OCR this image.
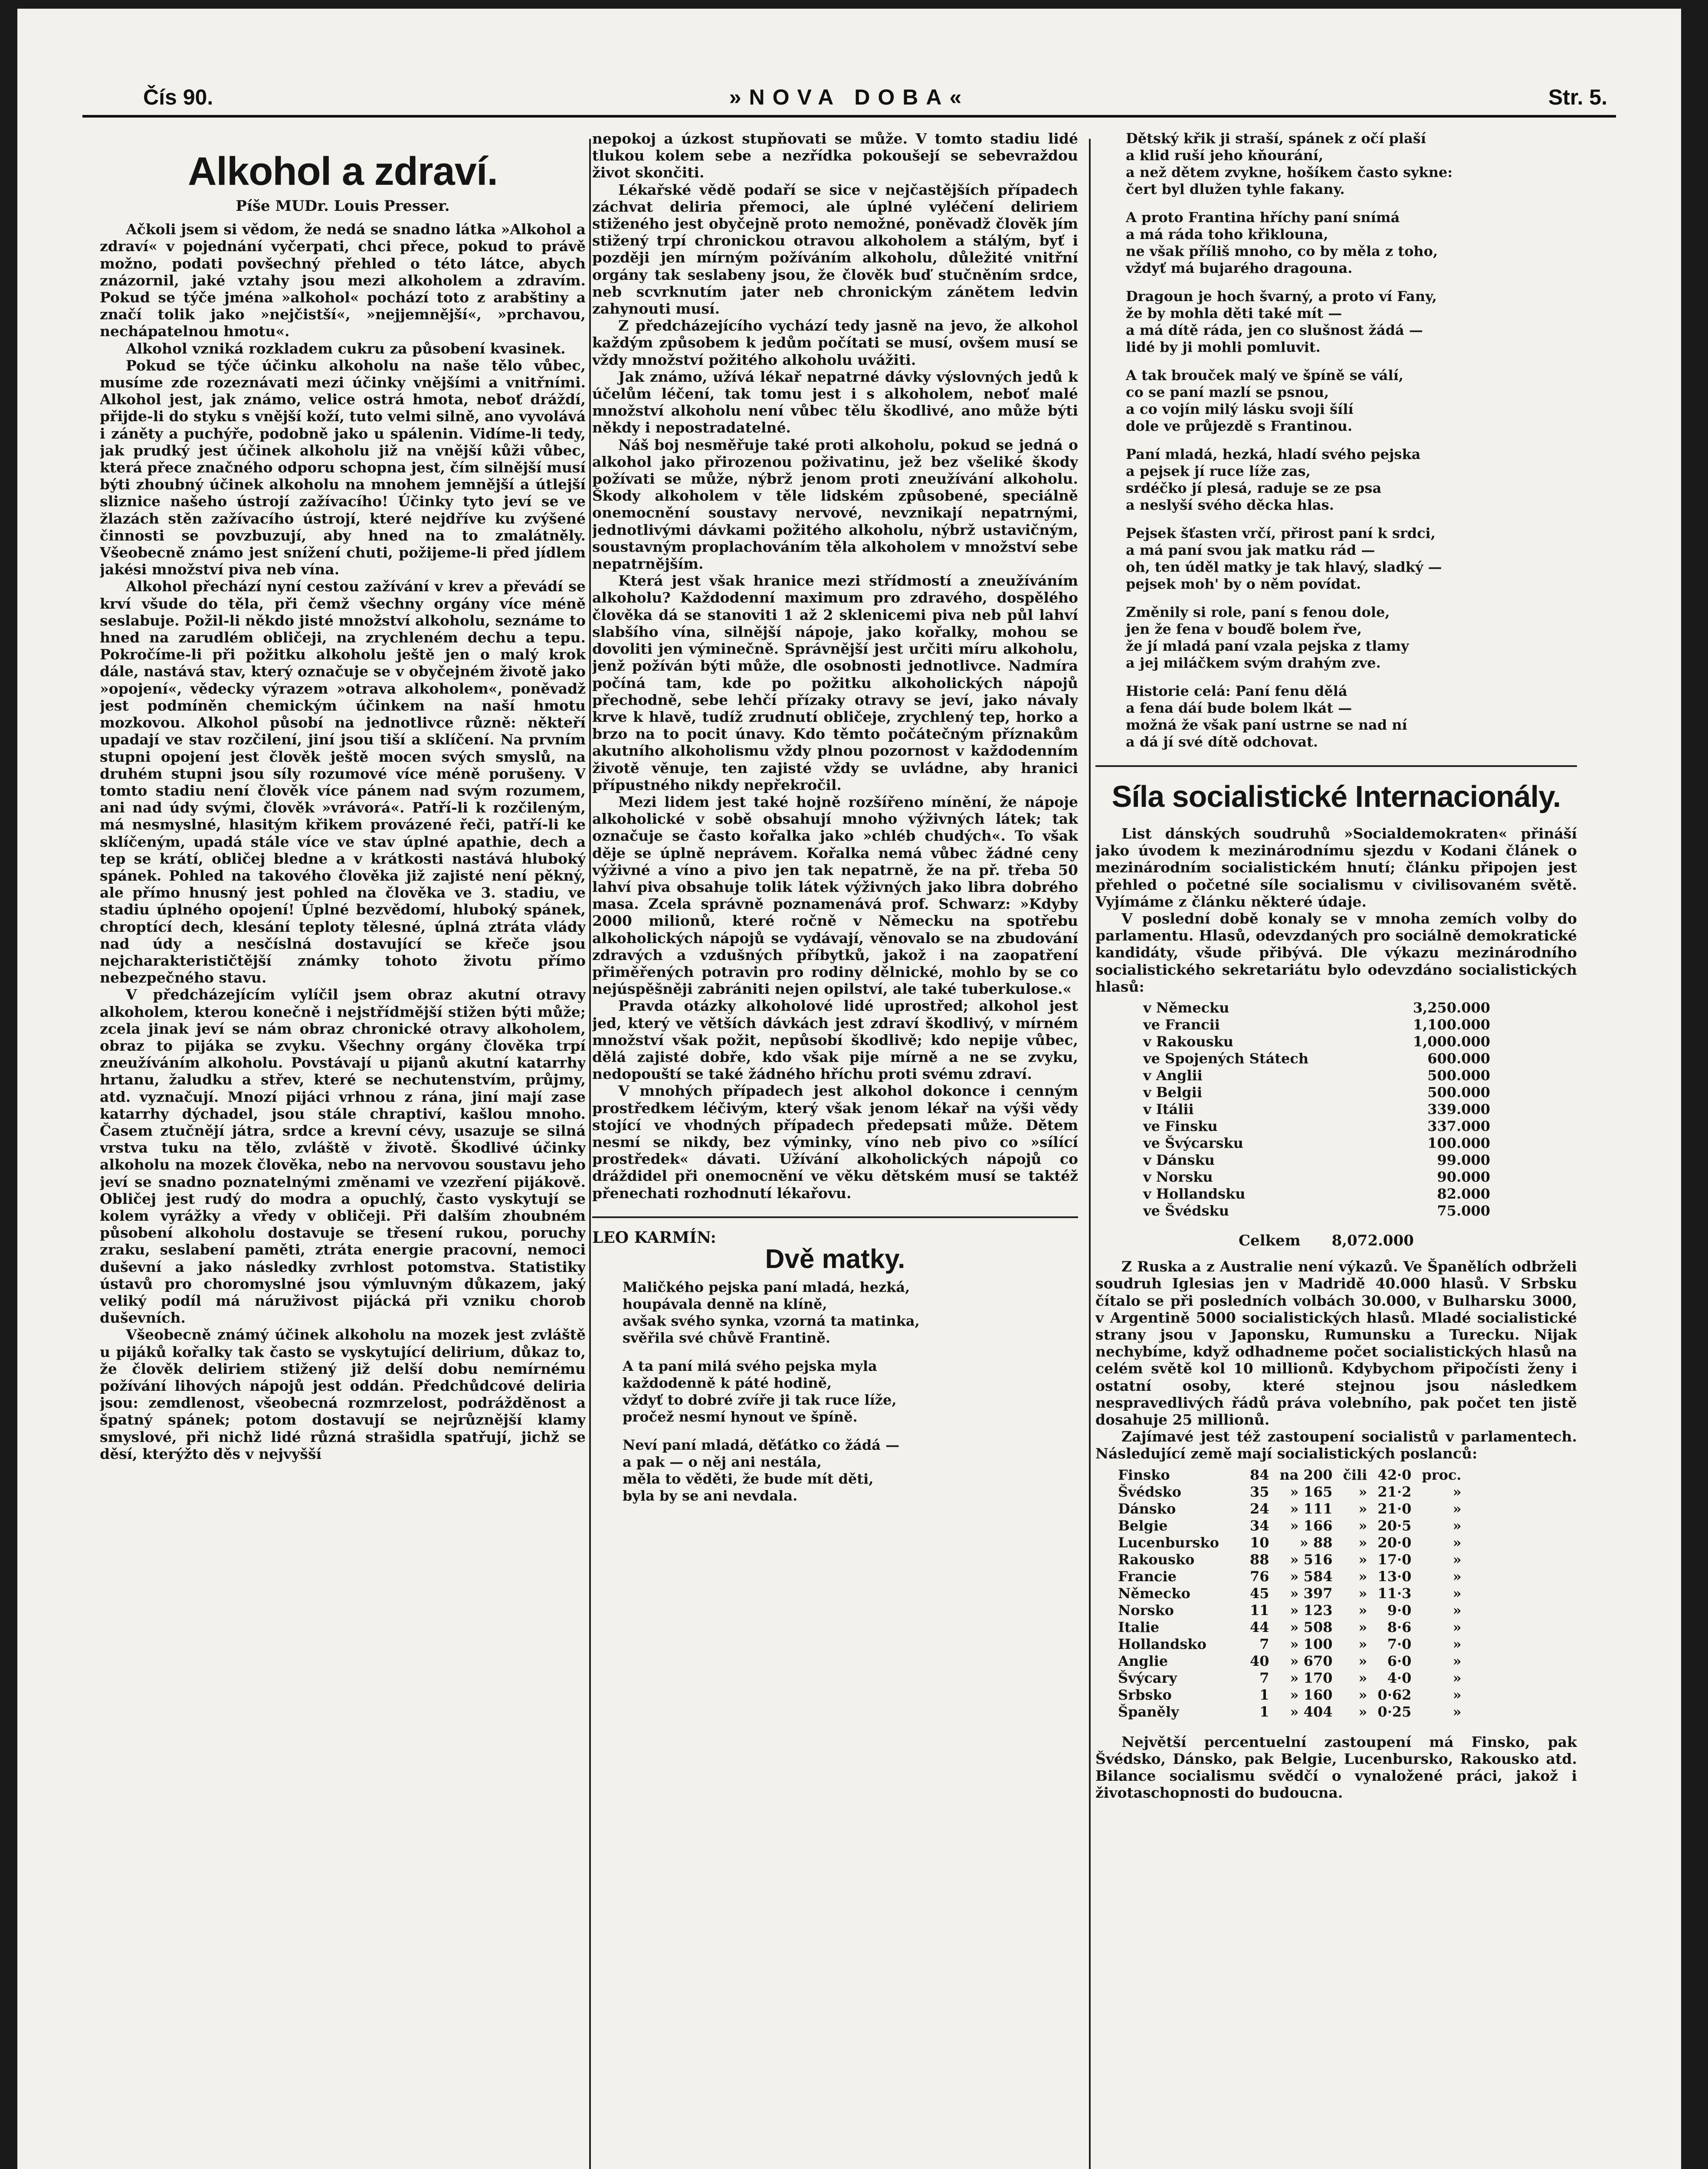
Čís 90.	»NOVA DOBA«	Str. 5.
Alkohol a zdraví.
Píše MUDr. Louis Presser.

Ačkoli jsem si vědom, že nedá se snadno látka »Alkohol a zdraví« v pojednání vyčerpati, chci přece, pokud to právě možno, podati povšechný přehled o této látce, abych znázornil, jaké vztahy jsou mezi alkoholem a zdravím. Pokud se týče jména »alkohol« pochází toto z arabštiny a značí tolik jako »nejčistší«, »nejjemnější«, »prchavou, nechápatelnou hmotu«.

Alkohol vzniká rozkladem cukru za působení kvasinek.

Pokud se týče účinku alkoholu na naše tělo vůbec, musíme zde rozeznávati mezi účinky vnějšími a vnitřními. Alkohol jest, jak známo, velice ostrá hmota, neboť dráždí, přijde-li do styku s vnější koží, tuto velmi silně, ano vyvolává i záněty a puchýře, podobně jako u spálenin. Vidíme-li tedy, jak prudký jest účinek alkoholu již na vnější kůži vůbec, která přece značného odporu schopna jest, čím silnější musí býti zhoubný účinek alkoholu na mnohem jemnější a útlejší sliznice našeho ústrojí zažívacího! Účinky tyto jeví se ve žlazách stěn zažívacího ústrojí, které nejdříve ku zvýšené činnosti se povzbuzují, aby hned na to zmalátněly. Všeobecně známo jest snížení chuti, požijeme-li před jídlem jakési množství piva neb vína.

Alkohol přechází nyní cestou zažívání v krev a převádí se krví všude do těla, při čemž všechny orgány více méně seslabuje. Požil-li někdo jisté množství alkoholu, seznáme to hned na zarudlém obličeji, na zrychleném dechu a tepu. Pokročíme-li při požitku alkoholu ještě jen o malý krok dále, nastává stav, který označuje se v obyčejném životě jako »opojení«, vědecky výrazem »otrava alkoholem«, poněvadž jest podmíněn chemickým účinkem na naší hmotu mozkovou. Alkohol působí na jednotlivce různě: někteří upadají ve stav rozčilení, jiní jsou tiší a sklíčení. Na prvním stupni opojení jest člověk ještě mocen svých smyslů, na druhém stupni jsou síly rozumové více méně porušeny. V tomto stadiu není člověk více pánem nad svým rozumem, ani nad údy svými, člověk »vrávorá«. Patří-li k rozčileným, má nesmyslné, hlasitým křikem provázené řeči, patří-li ke sklíčeným, upadá stále více ve stav úplné apathie, dech a tep se krátí, obličej bledne a v krátkosti nastává hluboký spánek. Pohled na takového člověka již zajisté není pěkný, ale přímo hnusný jest pohled na člověka ve 3. stadiu, ve stadiu úplného opojení! Úplné bezvědomí, hluboký spánek, chroptící dech, klesání teploty tělesné, úplná ztráta vlády nad údy a nesčíslná dostavující se křeče jsou nejcharakterističtější známky tohoto životu přímo nebezpečného stavu.

V předcházejícím vylíčil jsem obraz akutní otravy alkoholem, kterou konečně i nejstřídmější stižen býti může; zcela jinak jeví se nám obraz chronické otravy alkoholem, obraz to pijáka se zvyku. Všechny orgány člověka trpí zneužíváním alkoholu. Povstávají u pijanů akutní katarrhy hrtanu, žaludku a střev, které se nechutenstvím, průjmy, atd. vyznačují. Mnozí pijáci vrhnou z rána, jiní mají zase katarrhy dýchadel, jsou stále chraptiví, kašlou mnoho. Časem ztučnějí játra, srdce a krevní cévy, usazuje se silná vrstva tuku na tělo, zvláště v životě. Škodlivé účinky alkoholu na mozek člověka, nebo na nervovou soustavu jeho jeví se snadno poznatelnými změnami ve vzezření pijákově. Obličej jest rudý do modra a opuchlý, často vyskytují se kolem vyrážky a vředy v obličeji. Při dalším zhoubném působení alkoholu dostavuje se třesení rukou, poruchy zraku, seslabení paměti, ztráta energie pracovní, nemoci duševní a jako následky zvrhlost potomstva. Statistiky ústavů pro choromyslné jsou výmluvným důkazem, jaký veliký podíl má náruživost pijácká při vzniku chorob duševních.

Všeobecně známý účinek alkoholu na mozek jest zvláště u pijáků kořalky tak často se vyskytující delirium, důkaz to, že člověk deliriem stižený již delší dobu nemírnému požívání lihových nápojů jest oddán. Předchůdcové deliria jsou: zemdlenost, všeobecná rozmrzelost, podrážděnost a špatný spánek; potom dostavují se nejrůznější klamy smyslové, při nichž lidé různá strašidla spatřují, jichž se děsí, kterýžto děs v nejvyšší

nepokoj a úzkost stupňovati se může. V tomto stadiu lidé tlukou kolem sebe a nezřídka pokoušejí se sebevraždou život skončiti.

Lékařské vědě podaří se sice v nejčastějších případech záchvat deliria přemoci, ale úplné vyléčení deliriem stiženého jest obyčejně proto nemožné, poněvadž člověk jím stižený trpí chronickou otravou alkoholem a stálým, byť i později jen mírným požíváním alkoholu, důležité vnitřní orgány tak seslabeny jsou, že člověk buď stučněním srdce, neb scvrknutím jater neb chronickým zánětem ledvin zahynouti musí.

Z předcházejícího vychází tedy jasně na jevo, že alkohol každým způsobem k jedům počítati se musí, ovšem musí se vždy množství požitého alkoholu uvážiti.

Jak známo, užívá lékař nepatrné dávky výslovných jedů k účelům léčení, tak tomu jest i s alkoholem, neboť malé množství alkoholu není vůbec tělu škodlivé, ano může býti někdy i nepostradatelné.

Náš boj nesměřuje také proti alkoholu, pokud se jedná o alkohol jako přirozenou poživatinu, jež bez všeliké škody požívati se může, nýbrž jenom proti zneužívání alkoholu. Škody alkoholem v těle lidském způsobené, speciálně onemocnění soustavy nervové, nevznikají nepatrnými, jednotlivými dávkami požitého alkoholu, nýbrž ustavičným, soustavným proplachováním těla alkoholem v množství sebe nepatrnějším.

Která jest však hranice mezi střídmostí a zneužíváním alkoholu? Každodenní maximum pro zdravého, dospělého člověka dá se stanoviti 1 až 2 sklenicemi piva neb půl lahví slabšího vína, silnější nápoje, jako kořalky, mohou se dovoliti jen výminečně. Správnější jest určiti míru alkoholu, jenž požíván býti může, dle osobnosti jednotlivce. Nadmíra počíná tam, kde po požitku alkoholických nápojů přechodně, sebe lehčí přízaky otravy se jeví, jako návaly krve k hlavě, tudíž zrudnutí obličeje, zrychlený tep, horko a brzo na to pocit únavy. Kdo těmto počátečným příznakům akutního alkoholismu vždy plnou pozornost v každodenním životě věnuje, ten zajisté vždy se uvládne, aby hranici přípustného nikdy nepřekročil.

Mezi lidem jest také hojně rozšířeno mínění, že nápoje alkoholické v sobě obsahují mnoho výživných látek; tak označuje se často kořalka jako »chléb chudých«. To však děje se úplně neprávem. Kořalka nemá vůbec žádné ceny výživné a víno a pivo jen tak nepatrně, že na př. třeba 50 lahví piva obsahuje tolik látek výživných jako libra dobrého masa. Zcela správně poznamenává prof. Schwarz: »Kdyby 2000 milionů, které ročně v Německu na spotřebu alkoholických nápojů se vydávají, věnovalo se na zbudování zdravých a vzdušných příbytků, jakož i na zaopatření přiměřených potravin pro rodiny dělnické, mohlo by se co nejúspěšněji zabrániti nejen opilství, ale také tuberkulose.«

Pravda otázky alkoholové lidé uprostřed; alkohol jest jed, který ve větších dávkách jest zdraví škodlivý, v mírném množství však požit, nepůsobí škodlivě; kdo nepije vůbec, dělá zajisté dobře, kdo však pije mírně a ne se zvyku, nedopouští se také žádného hříchu proti svému zdraví.

V mnohých případech jest alkohol dokonce i cenným prostředkem léčivým, který však jenom lékař na výši vědy stojící ve vhodných případech předepsati může. Dětem nesmí se nikdy, bez výminky, víno neb pivo co »sílící prostředek« dávati. Užívání alkoholických nápojů co dráždidel při onemocnění ve věku dětském musí se taktéž přenechati rozhodnutí lékařovu.

LEO KARMÍN:
Dvě matky.
Maličkého pejska paní mladá, hezká,
houpávala denně na klíně,
avšak svého synka, vzorná ta matinka,
svěřila své chůvě Frantině.
A ta paní milá svého pejska myla
každodenně k páté hodině,
vždyť to dobré zvíře ji tak ruce líže,
pročež nesmí hynout ve špíně.
Neví paní mladá, děťátko co žádá —
a pak — o něj ani nestála,
měla to věděti, že bude mít děti,
byla by se ani nevdala.
Dětský křik ji straší, spánek z očí plaší
a klid ruší jeho kňourání,
a než dětem zvykne, hošíkem často sykne:
čert byl dlužen tyhle fakany.
A proto Frantina hříchy paní snímá
a má ráda toho křiklouna,
ne však příliš mnoho, co by měla z toho,
vždyť má bujarého dragouna.
Dragoun je hoch švarný, a proto ví Fany,
že by mohla děti také mít —
a má dítě ráda, jen co slušnost žádá —
lidé by ji mohli pomluvit.
A tak brouček malý ve špíně se válí,
co se paní mazlí se psnou,
a co vojín milý lásku svoji šílí
dole ve průjezdě s Frantinou.
Paní mladá, hezká, hladí svého pejska
a pejsek jí ruce líže zas,
srdéčko jí plesá, raduje se ze psa
a neslyší svého děcka hlas.
Pejsek šťasten vrčí, přirost paní k srdci,
a má paní svou jak matku rád —
oh, ten úděl matky je tak hlavý, sladký —
pejsek moh' by o něm povídat.
Změnily si role, paní s fenou dole,
jen že fena v bouďě bolem řve,
že jí mladá paní vzala pejska z tlamy
a jej miláčkem svým drahým zve.
Historie celá: Paní fenu dělá
a fena dáí bude bolem lkát —
možná že však paní ustrne se nad ní
a dá jí své dítě odchovat.
Síla socialistické Internacionály.

List dánských soudruhů »Socialdemokraten« přináší jako úvodem k mezinárodnímu sjezdu v Kodani článek o mezinárodním socialistickém hnutí; článku připojen jest přehled o početné síle socialismu v civilisovaném světě. Vyjímáme z článku některé údaje.

V poslední době konaly se v mnoha zemích volby do parlamentu. Hlasů, odevzdaných pro sociálně demokratické kandidáty, všude přibývá. Dle výkazu mezinárodního socialistického sekretariátu bylo odevzdáno socialistických hlasů:

v Německu	3,250.000
ve Francii	1,100.000
v Rakousku	1,000.000
ve Spojených Státech	600.000
v Anglii	500.000
v Belgii	500.000
v Itálii	339.000
ve Finsku	337.000
ve Švýcarsku	100.000
v Dánsku	99.000
v Norsku	90.000
v Hollandsku	82.000
ve Švédsku	75.000
Celkem 8,072.000

Z Ruska a z Australie není výkazů. Ve Španělích odbrželi soudruh Iglesias jen v Madridě 40.000 hlasů. V Srbsku čítalo se při posledních volbách 30.000, v Bulharsku 3000, v Argentině 5000 socialistických hlasů. Mladé socialistické strany jsou v Japonsku, Rumunsku a Turecku. Nijak nechybíme, když odhadneme počet socialistických hlasů na celém světě kol 10 millionů. Kdybychom připočísti ženy i ostatní osoby, které stejnou jsou následkem nespravedlivých řádů práva volebního, pak počet ten jistě dosahuje 25 millionů.

Zajímavé jest též zastoupení socialistů v parlamentech. Následující země mají socialistických poslanců:

Finsko	84	na 200	čili	42·0	proc.
Švédsko	35	» 165	»	21·2	»
Dánsko	24	» 111	»	21·0	»
Belgie	34	» 166	»	20·5	»
Lucenbursko	10	» 88	»	20·0	»
Rakousko	88	» 516	»	17·0	»
Francie	76	» 584	»	13·0	»
Německo	45	» 397	»	11·3	»
Norsko	11	» 123	»	9·0	»
Italie	44	» 508	»	8·6	»
Hollandsko	7	» 100	»	7·0	»
Anglie	40	» 670	»	6·0	»
Švýcary	7	» 170	»	4·0	»
Srbsko	1	» 160	»	0·62	»
Španěly	1	» 404	»	0·25	»

Největší percentuelní zastoupení má Finsko, pak Švédsko, Dánsko, pak Belgie, Lucenbursko, Rakousko atd. Bilance socialismu svědčí o vynaložené práci, jakož i životaschopnosti do budoucna.
